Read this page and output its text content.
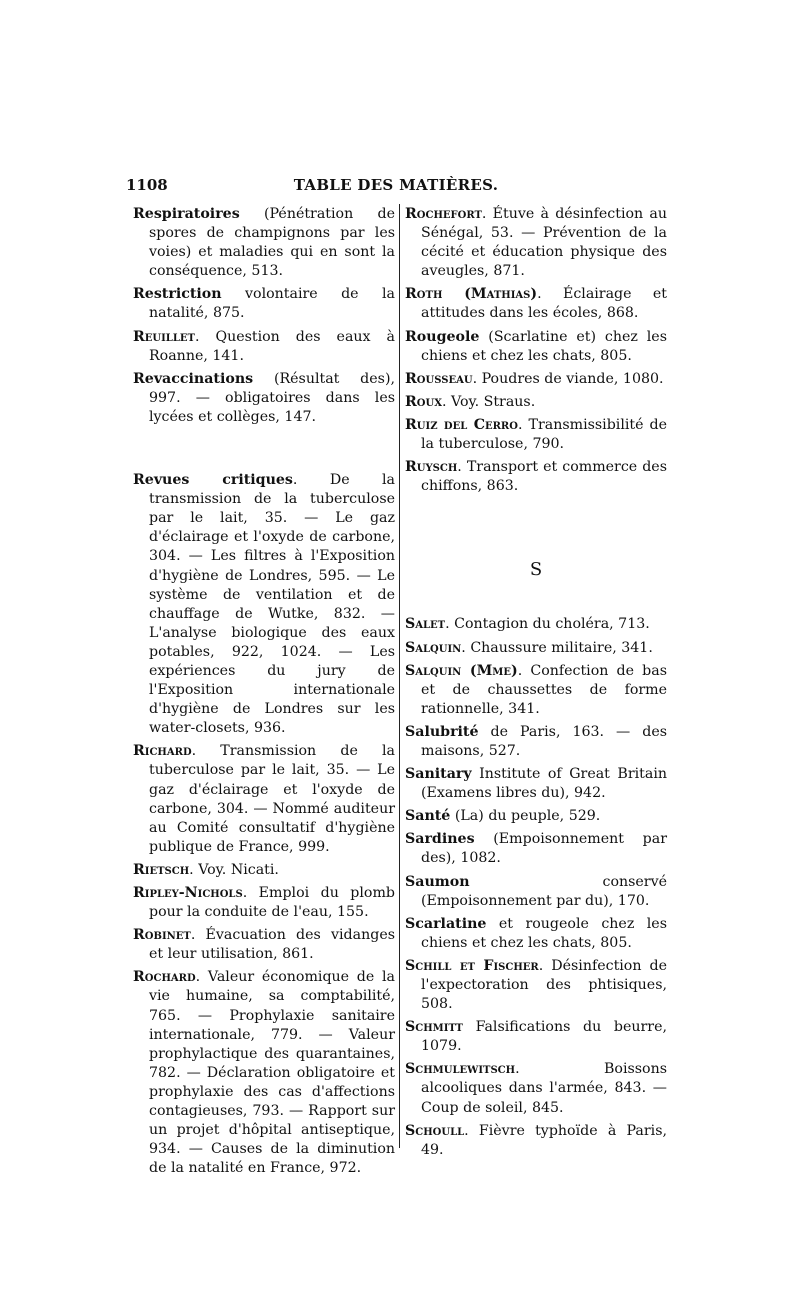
1108	TABLE DES MATIÈRES.

Respiratoires (Pénétration de spores de champignons par les voies) et maladies qui en sont la conséquence, 513.

Restriction volontaire de la natalité, 875.

Reuillet. Question des eaux à Roanne, 141.

Revaccinations (Résultat des), 997. — obligatoires dans les lycées et collèges, 147.

Revues critiques. De la transmission de la tuberculose par le lait, 35. — Le gaz d'éclairage et l'oxyde de carbone, 304. — Les filtres à l'Exposition d'hygiène de Londres, 595. — Le système de ventilation et de chauffage de Wutke, 832. — L'analyse biologique des eaux potables, 922, 1024. — Les expériences du jury de l'Exposition internationale d'hygiène de Londres sur les water-closets, 936.

Richard. Transmission de la tuberculose par le lait, 35. — Le gaz d'éclairage et l'oxyde de carbone, 304. — Nommé auditeur au Comité consultatif d'hygiène publique de France, 999.

Rietsch. Voy. Nicati.

Ripley-Nichols. Emploi du plomb pour la conduite de l'eau, 155.

Robinet. Évacuation des vidanges et leur utilisation, 861.

Rochard. Valeur économique de la vie humaine, sa comptabilité, 765. — Prophylaxie sanitaire internationale, 779. — Valeur prophylactique des quarantaines, 782. — Déclaration obligatoire et prophylaxie des cas d'affections contagieuses, 793. — Rapport sur un projet d'hôpital antiseptique, 934. — Causes de la diminution de la natalité en France, 972.

Rochefort. Étuve à désinfection au Sénégal, 53. — Prévention de la cécité et éducation physique des aveugles, 871.

Roth (Mathias). Éclairage et attitudes dans les écoles, 868.

Rougeole (Scarlatine et) chez les chiens et chez les chats, 805.

Rousseau. Poudres de viande, 1080.

Roux. Voy. Straus.

Ruiz del Cerro. Transmissibilité de la tuberculose, 790.

Ruysch. Transport et commerce des chiffons, 863.

S

Salet. Contagion du choléra, 713.

Salquin. Chaussure militaire, 341.

Salquin (Mme). Confection de bas et de chaussettes de forme rationnelle, 341.

Salubrité de Paris, 163. — des maisons, 527.

Sanitary Institute of Great Britain (Examens libres du), 942.

Santé (La) du peuple, 529.

Sardines (Empoisonnement par des), 1082.

Saumon conservé (Empoisonnement par du), 170.

Scarlatine et rougeole chez les chiens et chez les chats, 805.

Schill et Fischer. Désinfection de l'expectoration des phtisiques, 508.

Schmitt Falsifications du beurre, 1079.

Schmulewitsch. Boissons alcooliques dans l'armée, 843. — Coup de soleil, 845.

Schoull. Fièvre typhoïde à Paris, 49.
